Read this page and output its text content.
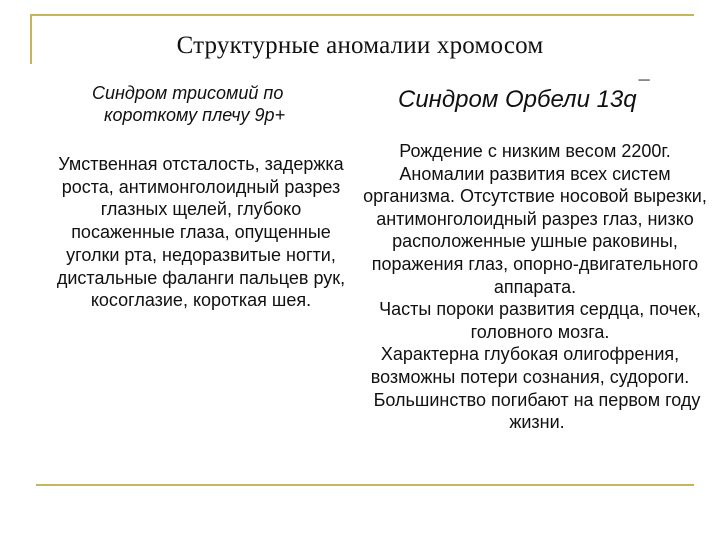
Структурные аномалии хромосом
Синдром трисомий по
короткому плечу 9р+
Синдром Орбели 13q ¯
Умственная отсталость, задержка роста, антимонголоидный разрез глазных щелей, глубоко посаженные глаза, опущенные уголки рта, недоразвитые ногти, дистальные фаланги пальцев рук, косоглазие, короткая шея.

Рождение с низким весом 2200г. Аномалии развития всех систем организма. Отсутствие носовой вырезки, антимонголоидный разрез глаз, низко расположенные ушные раковины, поражения глаз, опорно-двигательного аппарата.

Часты пороки развития сердца, почек, головного мозга.

Характерна глубокая олигофрения, возможны потери сознания, судороги.

Большинство погибают на первом году жизни.
